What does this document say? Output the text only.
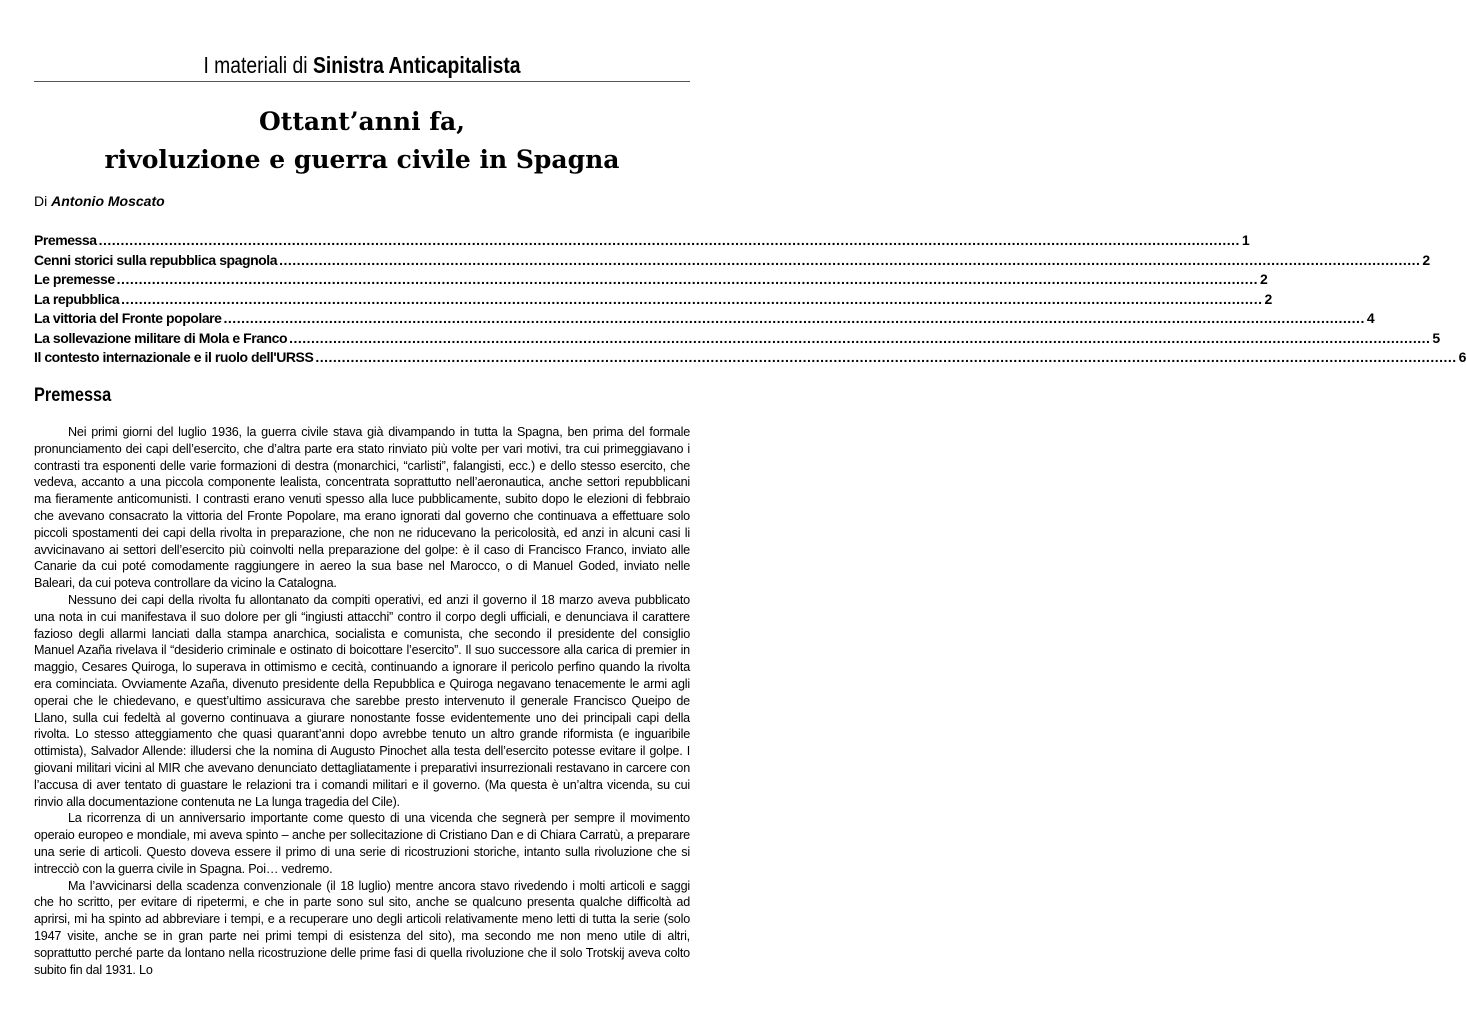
I materiali di Sinistra Anticapitalista
Ottant’anni fa,
rivoluzione e guerra civile in Spagna
Di Antonio Moscato
Premessa .................................................................................................................................................................................................................................................................... 1
Cenni storici sulla repubblica spagnola .................................................................................................................................................................................................................................................................... 2
Le premesse .................................................................................................................................................................................................................................................................... 2
La repubblica .................................................................................................................................................................................................................................................................... 2
La vittoria del Fronte popolare .................................................................................................................................................................................................................................................................... 4
La sollevazione militare di Mola e Franco .................................................................................................................................................................................................................................................................... 5
Il contesto internazionale e il ruolo dell'URSS .................................................................................................................................................................................................................................................................... 6
Premessa

Nei primi giorni del luglio 1936, la guerra civile stava già divampando in tutta la Spagna, ben prima del formale pronunciamento dei capi dell’esercito, che d’altra parte era stato rinviato più volte per vari motivi, tra cui primeggiavano i contrasti tra esponenti delle varie formazioni di destra (monarchici, “carlisti”, falangisti, ecc.) e dello stesso esercito, che vedeva, accanto a una piccola componente lealista, concentrata soprattutto nell’aeronautica, anche settori repubblicani ma fieramente anticomunisti. I contrasti erano venuti spesso alla luce pubblicamente, subito dopo le elezioni di febbraio che avevano consacrato la vittoria del Fronte Popolare, ma erano ignorati dal governo che continuava a effettuare solo piccoli spostamenti dei capi della rivolta in preparazione, che non ne riducevano la pericolosità, ed anzi in alcuni casi li avvicinavano ai settori dell’esercito più coinvolti nella preparazione del golpe: è il caso di Francisco Franco, inviato alle Canarie da cui poté comodamente raggiungere in aereo la sua base nel Marocco, o di Manuel Goded, inviato nelle Baleari, da cui poteva controllare da vicino la Catalogna.

Nessuno dei capi della rivolta fu allontanato da compiti operativi, ed anzi il governo il 18 marzo aveva pubblicato una nota in cui manifestava il suo dolore per gli “ingiusti attacchi” contro il corpo degli ufficiali, e denunciava il carattere fazioso degli allarmi lanciati dalla stampa anarchica, socialista e comunista, che secondo il presidente del consiglio Manuel Azaña rivelava il “desiderio criminale e ostinato di boicottare l’esercito”. Il suo successore alla carica di premier in maggio, Cesares Quiroga, lo superava in ottimismo e cecità, continuando a ignorare il pericolo perfino quando la rivolta era cominciata. Ovviamente Azaña, divenuto presidente della Repubblica e Quiroga negavano tenacemente le armi agli operai che le chiedevano, e quest’ultimo assicurava che sarebbe presto intervenuto il generale Francisco Queipo de Llano, sulla cui fedeltà al governo continuava a giurare nonostante fosse evidentemente uno dei principali capi della rivolta. Lo stesso atteggiamento che quasi quarant’anni dopo avrebbe tenuto un altro grande riformista (e inguaribile ottimista), Salvador Allende: illudersi che la nomina di Augusto Pinochet alla testa dell’esercito potesse evitare il golpe. I giovani militari vicini al MIR che avevano denunciato dettagliatamente i preparativi insurrezionali restavano in carcere con l’accusa di aver tentato di guastare le relazioni tra i comandi militari e il governo. (Ma questa è un’altra vicenda, su cui rinvio alla documentazione contenuta ne La lunga tragedia del Cile).

La ricorrenza di un anniversario importante come questo di una vicenda che segnerà per sempre il movimento operaio europeo e mondiale, mi aveva spinto – anche per sollecitazione di Cristiano Dan e di Chiara Carratù, a preparare una serie di articoli. Questo doveva essere il primo di una serie di ricostruzioni storiche, intanto sulla rivoluzione che si intrecciò con la guerra civile in Spagna. Poi… vedremo.

Ma l’avvicinarsi della scadenza convenzionale (il 18 luglio) mentre ancora stavo rivedendo i molti articoli e saggi che ho scritto, per evitare di ripetermi, e che in parte sono sul sito, anche se qualcuno presenta qualche difficoltà ad aprirsi, mi ha spinto ad abbreviare i tempi, e a recuperare uno degli articoli relativamente meno letti di tutta la serie (solo 1947 visite, anche se in gran parte nei primi tempi di esistenza del sito), ma secondo me non meno utile di altri, soprattutto perché parte da lontano nella ricostruzione delle prime fasi di quella rivoluzione che il solo Trotskij aveva colto subito fin dal 1931. Lo
